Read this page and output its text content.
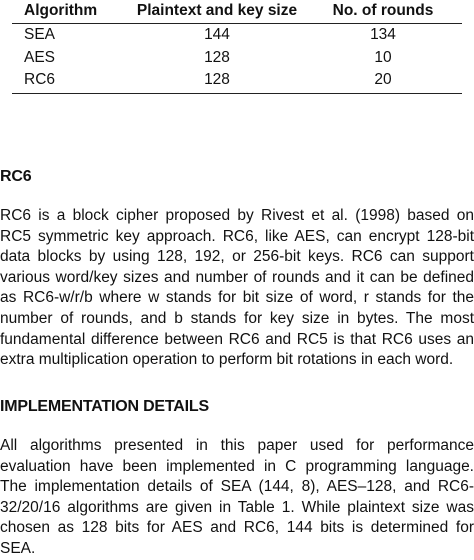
Algorithm	Plaintext and key size	No. of rounds
SEA	144	134
AES	128	10
RC6	128	20
RC6
RC6 is a block cipher proposed by Rivest et al. (1998) based on
RC5 symmetric key approach. RC6, like AES, can encrypt 128-bit
data blocks by using 128, 192, or 256-bit keys. RC6 can support
various word/key sizes and number of rounds and it can be defined
as RC6-w/r/b where w stands for bit size of word, r stands for the
number of rounds, and b stands for key size in bytes. The most
fundamental difference between RC6 and RC5 is that RC6 uses an
extra multiplication operation to perform bit rotations in each word.
IMPLEMENTATION DETAILS
All algorithms presented in this paper used for performance
evaluation have been implemented in C programming language.
The implementation details of SEA (144, 8), AES–128, and RC6-
32/20/16 algorithms are given in Table 1. While plaintext size was
chosen as 128 bits for AES and RC6, 144 bits is determined for
SEA.
